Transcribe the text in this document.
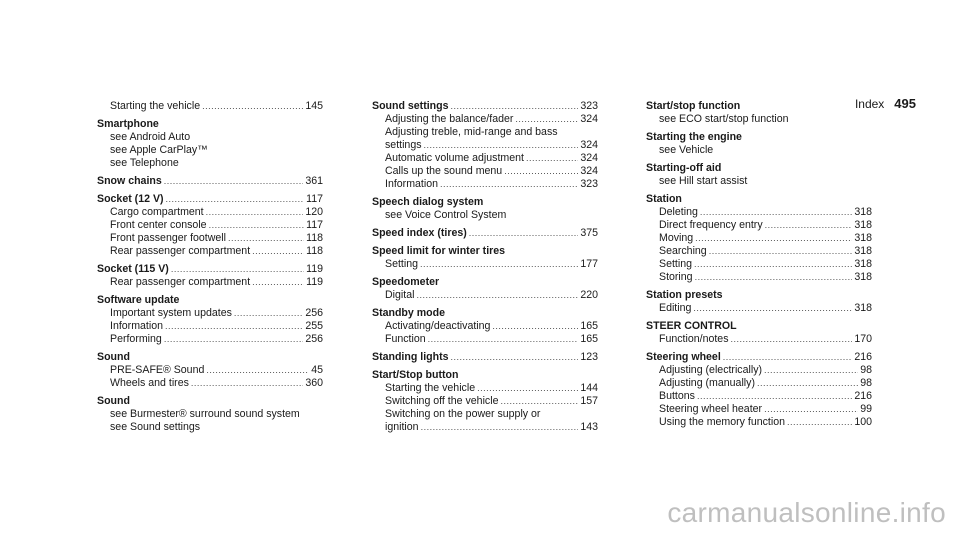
Index 495
Starting the vehicle .....	145
Smartphone
see Android Auto
see Apple CarPlay™
see Telephone
Snow chains .....	361
Socket (12 V) .....	117
Cargo compartment .....	120
Front center console .....	117
Front passenger footwell .....	118
Rear passenger compartment .....	118
Socket (115 V) .....	119
Rear passenger compartment .....	119
Software update
Important system updates .....	256
Information .....	255
Performing .....	256
Sound
PRE-SAFE® Sound .....	45
Wheels and tires .....	360
Sound
see Burmester® surround sound system
see Sound settings
Sound settings .....	323
Adjusting the balance/fader .....	324
Adjusting treble, mid-range and bass
settings .....	324
Automatic volume adjustment .....	324
Calls up the sound menu .....	324
Information .....	323
Speech dialog system
see Voice Control System
Speed index (tires) .....	375
Speed limit for winter tires
Setting .....	177
Speedometer
Digital .....	220
Standby mode
Activating/deactivating .....	165
Function .....	165
Standing lights .....	123
Start/Stop button
Starting the vehicle .....	144
Switching off the vehicle .....	157
Switching on the power supply or
ignition .....	143
Start/stop function
see ECO start/stop function
Starting the engine
see Vehicle
Starting-off aid
see Hill start assist
Station
Deleting .....	318
Direct frequency entry .....	318
Moving .....	318
Searching .....	318
Setting .....	318
Storing .....	318
Station presets
Editing .....	318
STEER CONTROL
Function/notes .....	170
Steering wheel .....	216
Adjusting (electrically) .....	98
Adjusting (manually) .....	98
Buttons .....	216
Steering wheel heater .....	99
Using the memory function .....	100
carmanualsonline.info
